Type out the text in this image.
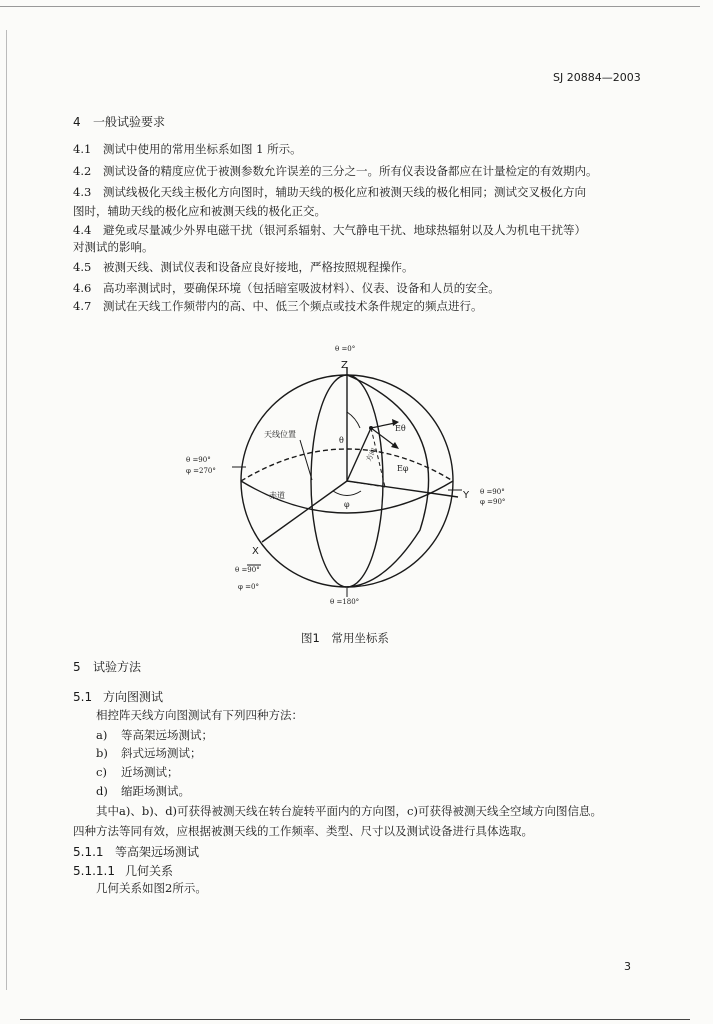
SJ 20884—2003
4 一般试验要求
4.1 测试中使用的常用坐标系如图 1 所示。
4.2 测试设备的精度应优于被测参数允许误差的三分之一。所有仪表设备都应在计量检定的有效期内。
4.3 测试线极化天线主极化方向图时，辅助天线的极化应和被测天线的极化相同；测试交叉极化方向
图时，辅助天线的极化应和被测天线的极化正交。
4.4 避免或尽量减少外界电磁干扰（银河系辐射、大气静电干扰、地球热辐射以及人为机电干扰等）
对测试的影响。
4.5 被测天线、测试仪表和设备应良好接地，严格按照规程操作。
4.6 高功率测试时，要确保环境（包括暗室吸波材料）、仪表、设备和人员的安全。
4.7 测试在天线工作频带内的高、中、低三个频点或技术条件规定的频点进行。
Z
Y
X
θ =0°
θ =180°
θ =90°
φ =270°
θ =90°
φ =90°
θ =90°
φ =0°
天线位置
赤道
Eθ
Eφ
θ
φ
方向
图1　常用坐标系
5 试验方法
5.1 方向图测试
相控阵天线方向图测试有下列四种方法：
a) 等高架远场测试；
b) 斜式远场测试；
c) 近场测试；
d) 缩距场测试。
其中a)、b)、d)可获得被测天线在转台旋转平面内的方向图，c)可获得被测天线全空域方向图信息。
四种方法等同有效，应根据被测天线的工作频率、类型、尺寸以及测试设备进行具体选取。
5.1.1 等高架远场测试
5.1.1.1 几何关系
几何关系如图2所示。
3
